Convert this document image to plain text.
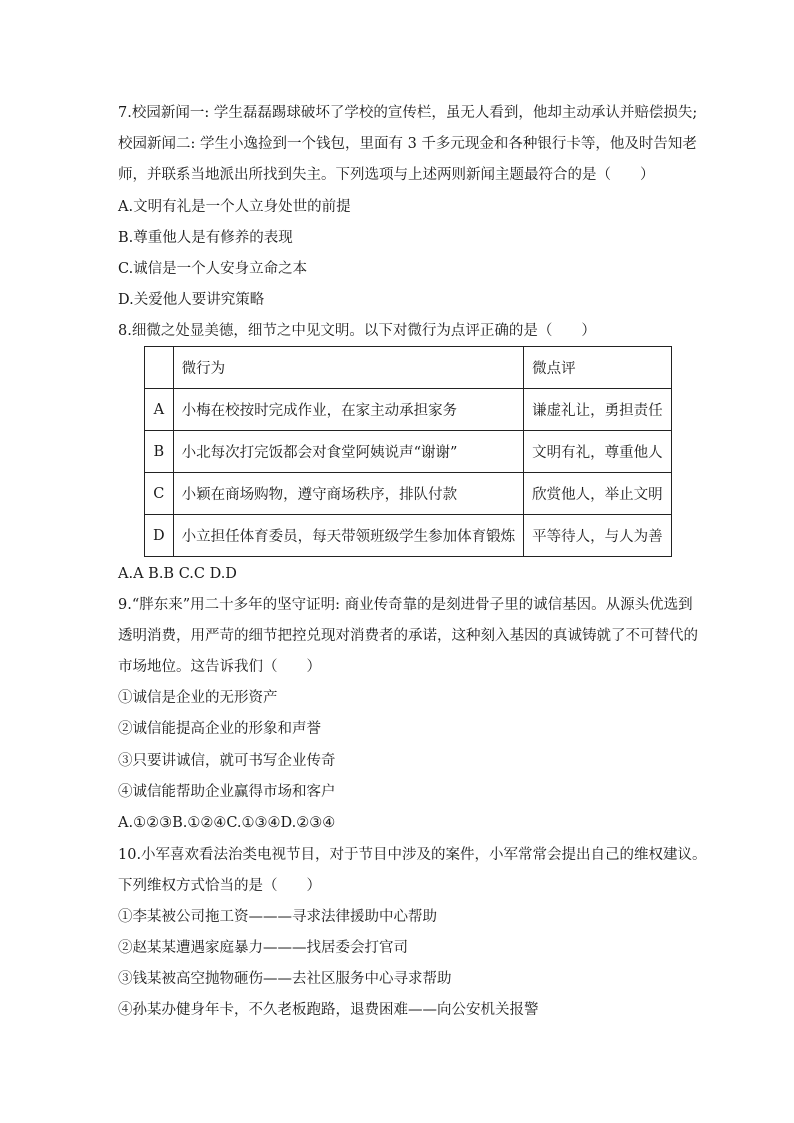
7.校园新闻一: 学生磊磊踢球破坏了学校的宣传栏，虽无人看到，他却主动承认并赔偿损失;
校园新闻二: 学生小逸捡到一个钱包，里面有 3 千多元现金和各种银行卡等，他及时告知老
师，并联系当地派出所找到失主。下列选项与上述两则新闻主题最符合的是（　　）
A.文明有礼是一个人立身处世的前提
B.尊重他人是有修养的表现
C.诚信是一个人安身立命之本
D.关爱他人要讲究策略
8.细微之处显美德，细节之中见文明。以下对微行为点评正确的是（　　）
	微行为	微点评
A	小梅在校按时完成作业，在家主动承担家务	谦虚礼让，勇担责任
B	小北每次打完饭都会对食堂阿姨说声“谢谢”	文明有礼，尊重他人
C	小颖在商场购物，遵守商场秩序，排队付款	欣赏他人，举止文明
D	小立担任体育委员，每天带领班级学生参加体育锻炼	平等待人，与人为善
A.A B.B C.C D.D
9.“胖东来”用二十多年的坚守证明: 商业传奇靠的是刻进骨子里的诚信基因。从源头优选到
透明消费，用严苛的细节把控兑现对消费者的承诺，这种刻入基因的真诚铸就了不可替代的
市场地位。这告诉我们（　　）
①诚信是企业的无形资产
②诚信能提高企业的形象和声誉
③只要讲诚信，就可书写企业传奇
④诚信能帮助企业赢得市场和客户
A.①②③B.①②④C.①③④D.②③④
10.小军喜欢看法治类电视节目，对于节目中涉及的案件，小军常常会提出自己的维权建议。
下列维权方式恰当的是（　　）
①李某被公司拖工资———寻求法律援助中心帮助
②赵某某遭遇家庭暴力———找居委会打官司
③钱某被高空抛物砸伤——去社区服务中心寻求帮助
④孙某办健身年卡，不久老板跑路，退费困难——向公安机关报警
